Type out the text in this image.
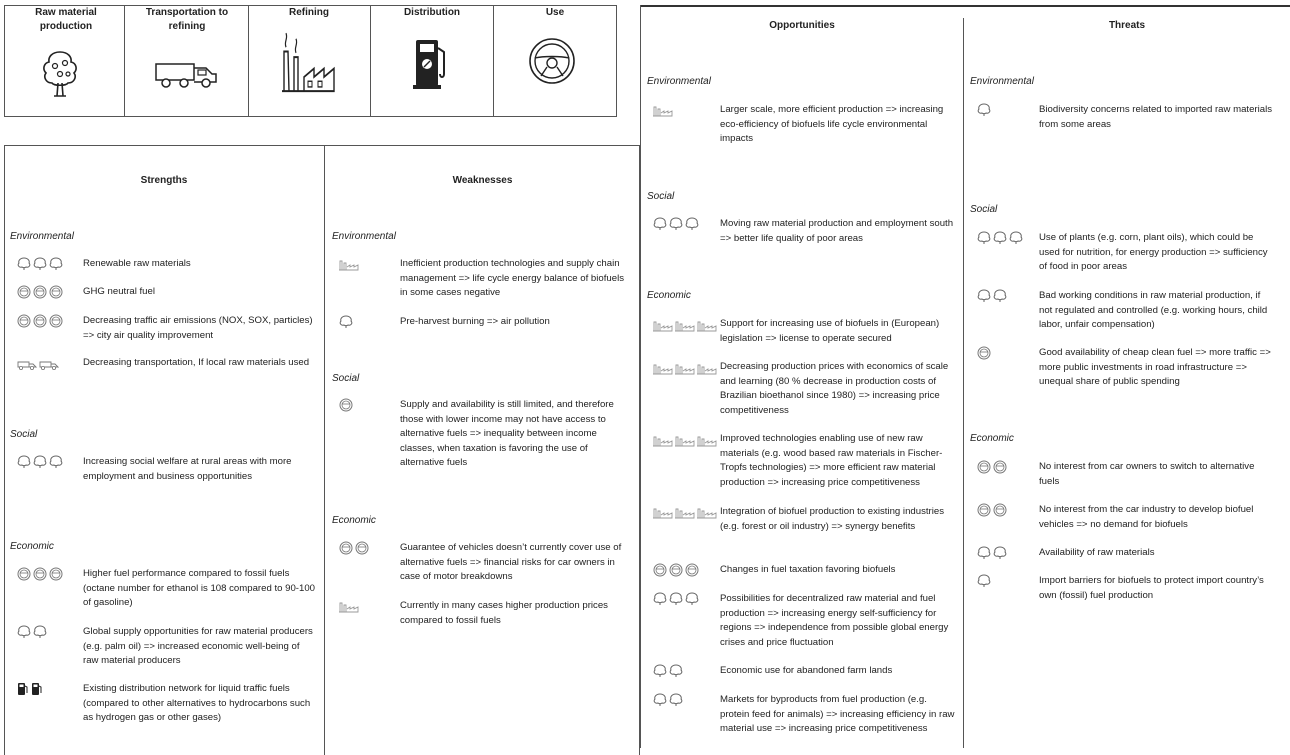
Raw material production
Transportation to refining
Refining	Distribution	Use
Strengths	Weaknesses
Environmental
Renewable raw materials
GHG neutral fuel
Decreasing traffic air emissions (NOX, SOX, particles) => city air quality improvement
Decreasing transportation, If local raw materials used
Social
Increasing social welfare at rural areas with more employment and business opportunities
Economic
Higher fuel performance compared to fossil fuels (octane number for ethanol is 108 compared to 90-100 of gasoline)
Global supply opportunities for raw material producers (e.g. palm oil) => increased economic well-being of raw material producers
Existing distribution network for liquid traffic fuels (compared to other alternatives to hydrocarbons such as hydrogen gas or other gases)
Environmental
Inefficient production technologies and supply chain management => life cycle energy balance of biofuels in some cases negative
Pre-harvest burning => air pollution
Social
Supply and availability is still limited, and therefore those with lower income may not have access to alternative fuels => inequality between income classes, when taxation is favoring the use of alternative fuels
Economic
Guarantee of vehicles doesn’t currently cover use of alternative fuels => financial risks for car owners in case of motor breakdowns
Currently in many cases higher production prices compared to fossil fuels
Opportunities	Threats
Environmental
Larger scale, more efficient production => increasing eco-efficiency of biofuels life cycle environmental impacts
Social
Moving raw material production and employment south => better life quality of poor areas
Economic
Support for increasing use of biofuels in (European) legislation => license to operate secured
Decreasing production prices with economics of scale and learning (80 % decrease in production costs of Brazilian bioethanol since 1980) => increasing price competitiveness
Improved technologies enabling use of new raw materials (e.g. wood based raw materials in Fischer-Tropfs technologies) => more efficient raw material production => increasing price competitiveness
Integration of biofuel production to existing industries (e.g. forest or oil industry) => synergy benefits
Changes in fuel taxation favoring biofuels
Possibilities for decentralized raw material and fuel production => increasing energy self-sufficiency for regions => independence from possible global energy crises and price fluctuation
Economic use for abandoned farm lands
Markets for byproducts from fuel production (e.g. protein feed for animals) => increasing efficiency in raw material use => increasing price competitiveness
Environmental
Biodiversity concerns related to imported raw materials from some areas
Social
Use of plants (e.g. corn, plant oils), which could be used for nutrition, for energy production => sufficiency of food in poor areas
Bad working conditions in raw material production, if not regulated and controlled (e.g. working hours, child labor, unfair compensation)
Good availability of cheap clean fuel => more traffic => more public investments in road infrastructure => unequal share of public spending
Economic
No interest from car owners to switch to alternative fuels
No interest from the car industry to develop biofuel vehicles => no demand for biofuels
Availability of raw materials
Import barriers for biofuels to protect import country’s own (fossil) fuel production
